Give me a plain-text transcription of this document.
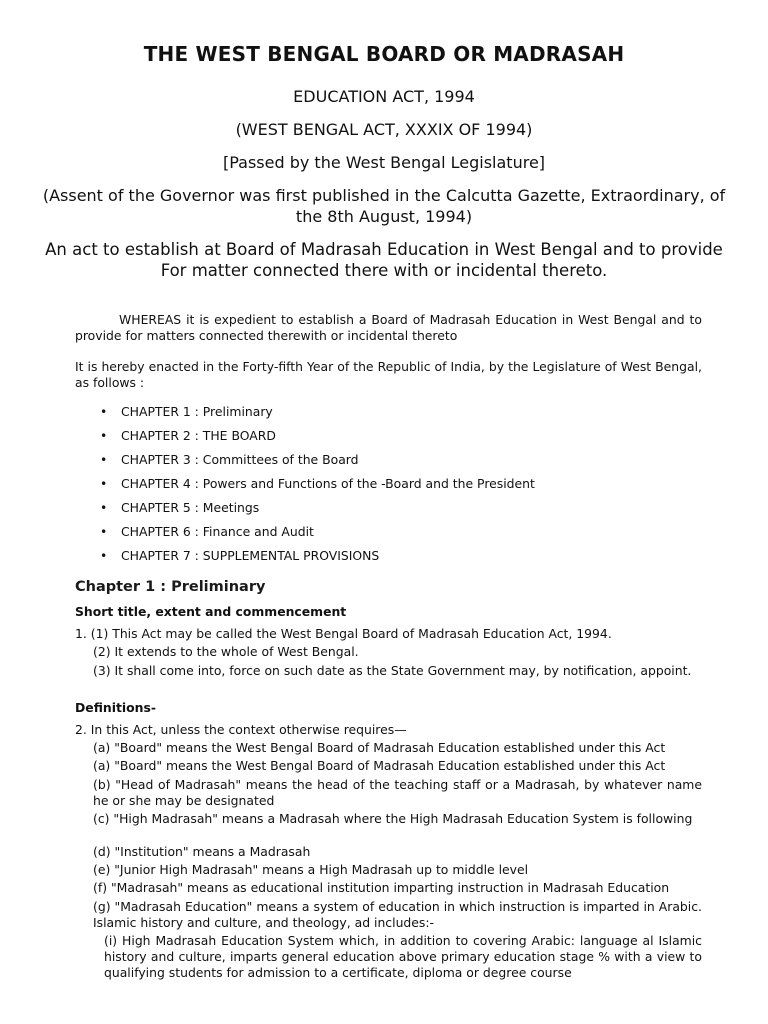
THE WEST BENGAL BOARD OR MADRASAH
EDUCATION ACT, 1994
(WEST BENGAL ACT, XXXIX OF 1994)
[Passed by the West Bengal Legislature]
(Assent of the Governor was first published in the Calcutta Gazette, Extraordinary, of the 8th August, 1994)
An act to establish at Board of Madrasah Education in West Bengal and to provide For matter connected there with or incidental thereto.
WHEREAS it is expedient to establish a Board of Madrasah Education in West Bengal and to provide for matters connected therewith or incidental thereto
It is hereby enacted in the Forty-fifth Year of the Republic of India, by the Legislature of West Bengal, as follows :
• CHAPTER 1 : Preliminary
• CHAPTER 2 : THE BOARD
• CHAPTER 3 : Committees of the Board
• CHAPTER 4 : Powers and Functions of the -Board and the President
• CHAPTER 5 : Meetings
• CHAPTER 6 : Finance and Audit
• CHAPTER 7 : SUPPLEMENTAL PROVISIONS
Chapter 1 : Preliminary
Short title, extent and commencement
1. (1) This Act may be called the West Bengal Board of Madrasah Education Act, 1994.
(2) It extends to the whole of West Bengal.
(3) It shall come into, force on such date as the State Government may, by notification, appoint.
Definitions-
2. In this Act, unless the context otherwise requires—
(a) "Board" means the West Bengal Board of Madrasah Education established under this Act
(a) "Board" means the West Bengal Board of Madrasah Education established under this Act
(b) "Head of Madrasah" means the head of the teaching staff or a Madrasah, by whatever name he or she may be designated
(c) "High Madrasah" means a Madrasah where the High Madrasah Education System is following
(d) "Institution" means a Madrasah
(e) "Junior High Madrasah" means a High Madrasah up to middle level
(f) "Madrasah" means as educational institution imparting instruction in Madrasah Education
(g) "Madrasah Education" means a system of education in which instruction is imparted in Arabic. Islamic history and culture, and theology, ad includes:-
(i) High Madrasah Education System which, in addition to covering Arabic: language al Islamic history and culture, imparts general education above primary education stage % with a view to qualifying students for admission to a certificate, diploma or degree course
